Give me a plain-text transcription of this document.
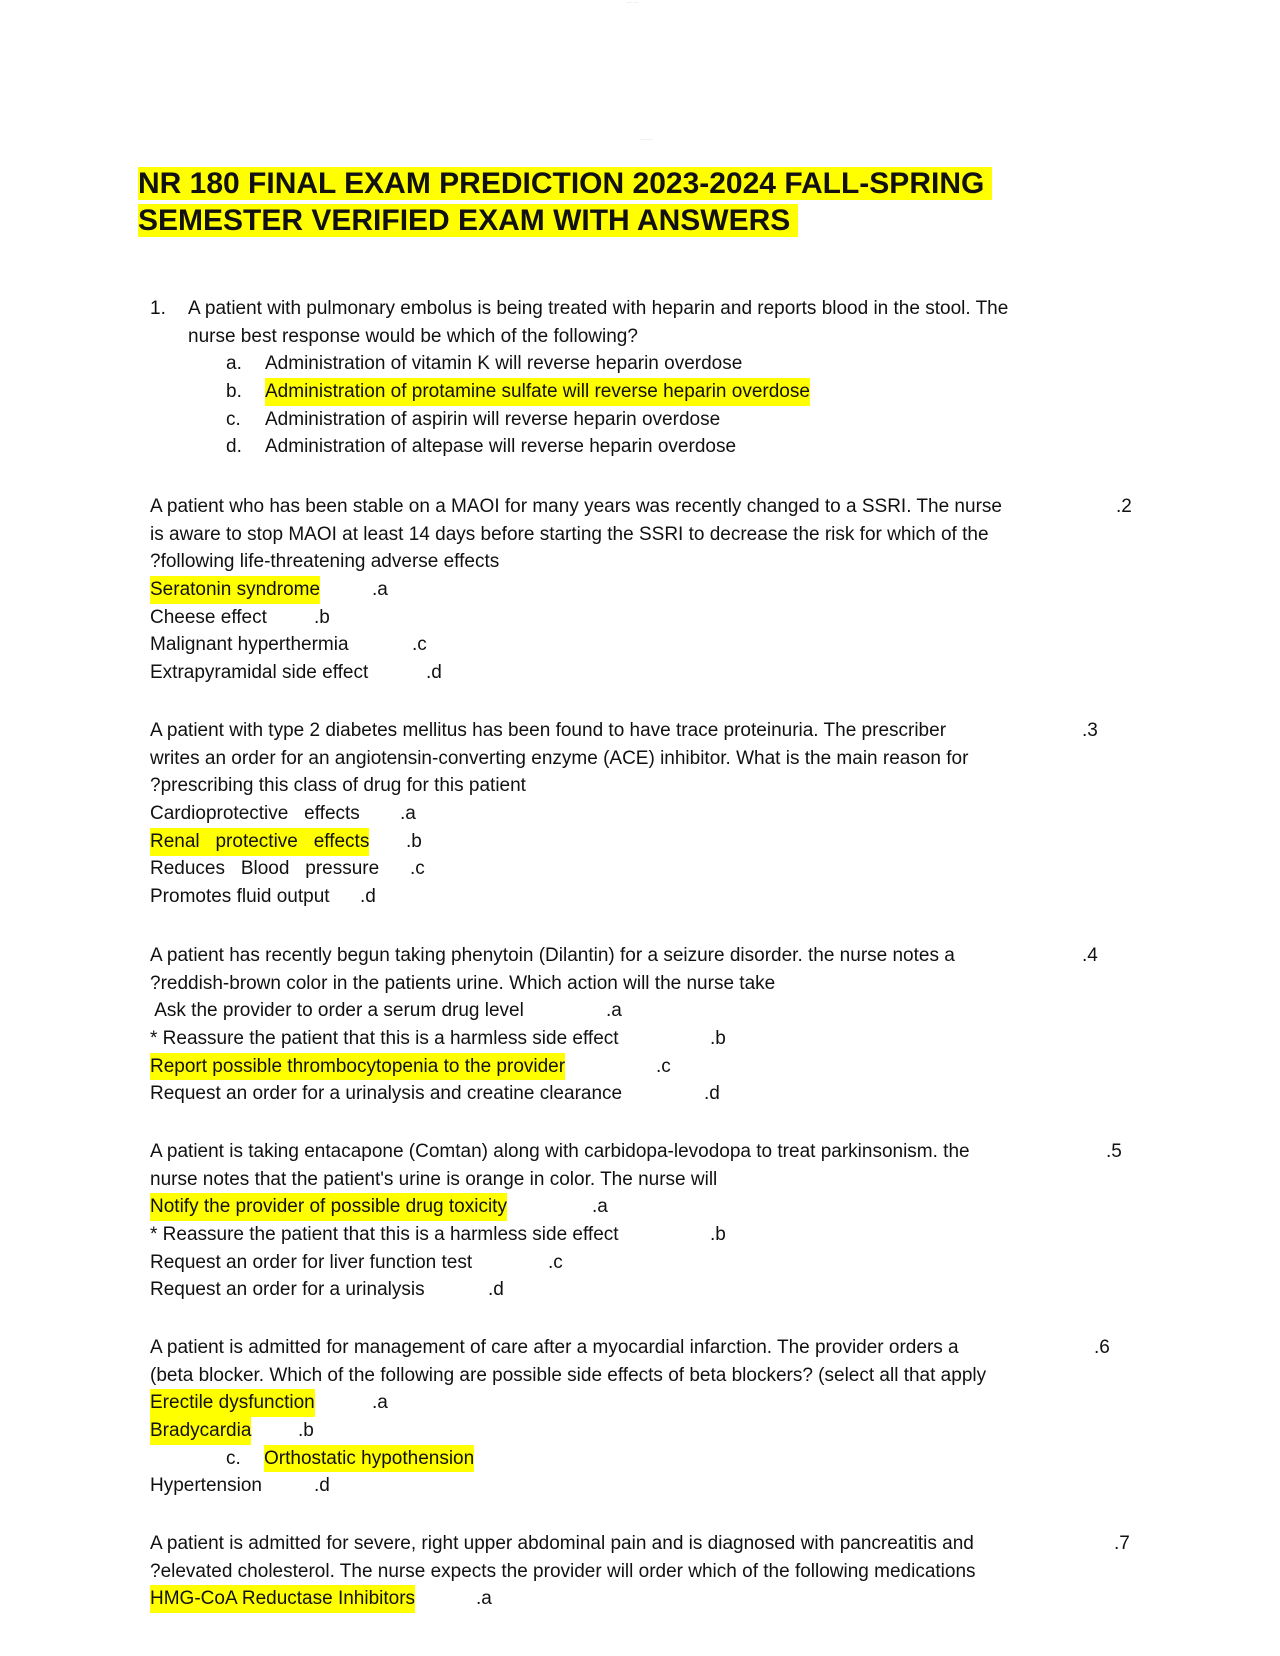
—— ——
—— ——
NR 180 FINAL EXAM PREDICTION 2023-2024 FALL-SPRING
SEMESTER VERIFIED EXAM WITH ANSWERS
1. A patient with pulmonary embolus is being treated with heparin and reports blood in the stool. The
nurse best response would be which of the following?
a. Administration of vitamin K will reverse heparin overdose
b. Administration of protamine sulfate will reverse heparin overdose
c. Administration of aspirin will reverse heparin overdose
d. Administration of altepase will reverse heparin overdose
A patient who has been stable on a MAOI for many years was recently changed to a SSRI. The nurse
is aware to stop MAOI at least 14 days before starting the SSRI to decrease the risk for which of the
?following life-threatening adverse effects
Seratonin syndrome	.a
Cheese effect .b
Malignant hyperthermia	.c
Extrapyramidal side effect	.d
.2
A patient with type 2 diabetes mellitus has been found to have trace proteinuria. The prescriber
writes an order for an angiotensin-converting enzyme (ACE) inhibitor. What is the main reason for
?prescribing this class of drug for this patient
Cardioprotective   effects .a
Renal   protective   effects .b
Reduces   Blood   pressure .c
Promotes fluid output .d
.3
A patient has recently begun taking phenytoin (Dilantin) for a seizure disorder. the nurse notes a
?reddish-brown color in the patients urine. Which action will the nurse take
Ask the provider to order a serum drug level	.a
* Reassure the patient that this is a harmless side effect	.b
Report possible thrombocytopenia to the provider	.c
Request an order for a urinalysis and creatine clearance	.d
.4
A patient is taking entacapone (Comtan) along with carbidopa-levodopa to treat parkinsonism. the
nurse notes that the patient's urine is orange in color. The nurse will
Notify the provider of possible drug toxicity	.a
* Reassure the patient that this is a harmless side effect	.b
Request an order for liver function test	.c
Request an order for a urinalysis	.d
.5
A patient is admitted for management of care after a myocardial infarction. The provider orders a
(beta blocker. Which of the following are possible side effects of beta blockers? (select all that apply
Erectile dysfunction	.a
Bradycardia .b
c. Orthostatic hypothension
Hypertension	.d
.6
A patient is admitted for severe, right upper abdominal pain and is diagnosed with pancreatitis and
?elevated cholesterol. The nurse expects the provider will order which of the following medications
HMG-CoA Reductase Inhibitors	.a
.7
